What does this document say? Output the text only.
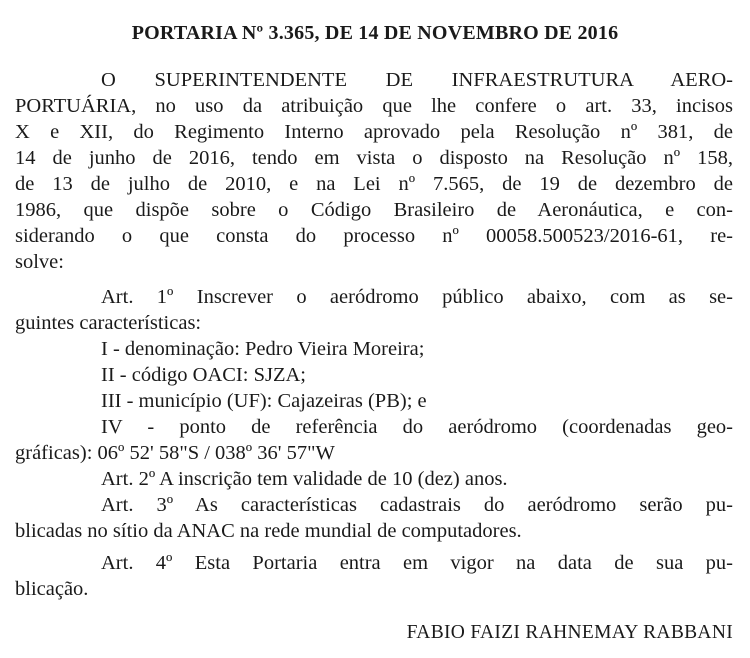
PORTARIA Nº 3.365, DE 14 DE NOVEMBRO DE 2016
O SUPERINTENDENTE DE INFRAESTRUTURA AERO-
PORTUÁRIA, no uso da atribuição que lhe confere o art. 33, incisos
X e XII, do Regimento Interno aprovado pela Resolução nº 381, de
14 de junho de 2016, tendo em vista o disposto na Resolução nº 158,
de 13 de julho de 2010, e na Lei nº 7.565, de 19 de dezembro de
1986, que dispõe sobre o Código Brasileiro de Aeronáutica, e con-
siderando o que consta do processo nº 00058.500523/2016-61, re-
solve:
Art. 1º Inscrever o aeródromo público abaixo, com as se-
guintes características:
I - denominação: Pedro Vieira Moreira;
II - código OACI: SJZA;
III - município (UF): Cajazeiras (PB); e
IV - ponto de referência do aeródromo (coordenadas geo-
gráficas): 06º 52' 58"S / 038º 36' 57"W
Art. 2º A inscrição tem validade de 10 (dez) anos.
Art. 3º As características cadastrais do aeródromo serão pu-
blicadas no sítio da ANAC na rede mundial de computadores.
Art. 4º Esta Portaria entra em vigor na data de sua pu-
blicação.
FABIO FAIZI RAHNEMAY RABBANI
